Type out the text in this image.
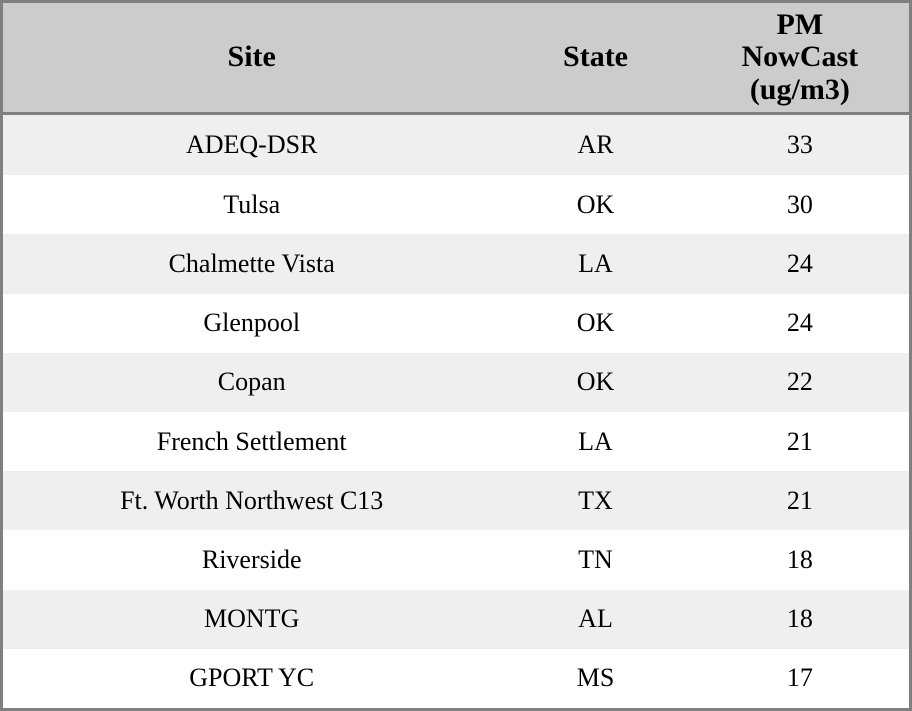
Site	State	PM
NowCast
(ug/m3)

ADEQ-DSR	AR	33
Tulsa	OK	30
Chalmette Vista	LA	24
Glenpool	OK	24
Copan	OK	22
French Settlement	LA	21
Ft. Worth Northwest C13	TX	21
Riverside	TN	18
MONTG	AL	18
GPORT YC	MS	17
